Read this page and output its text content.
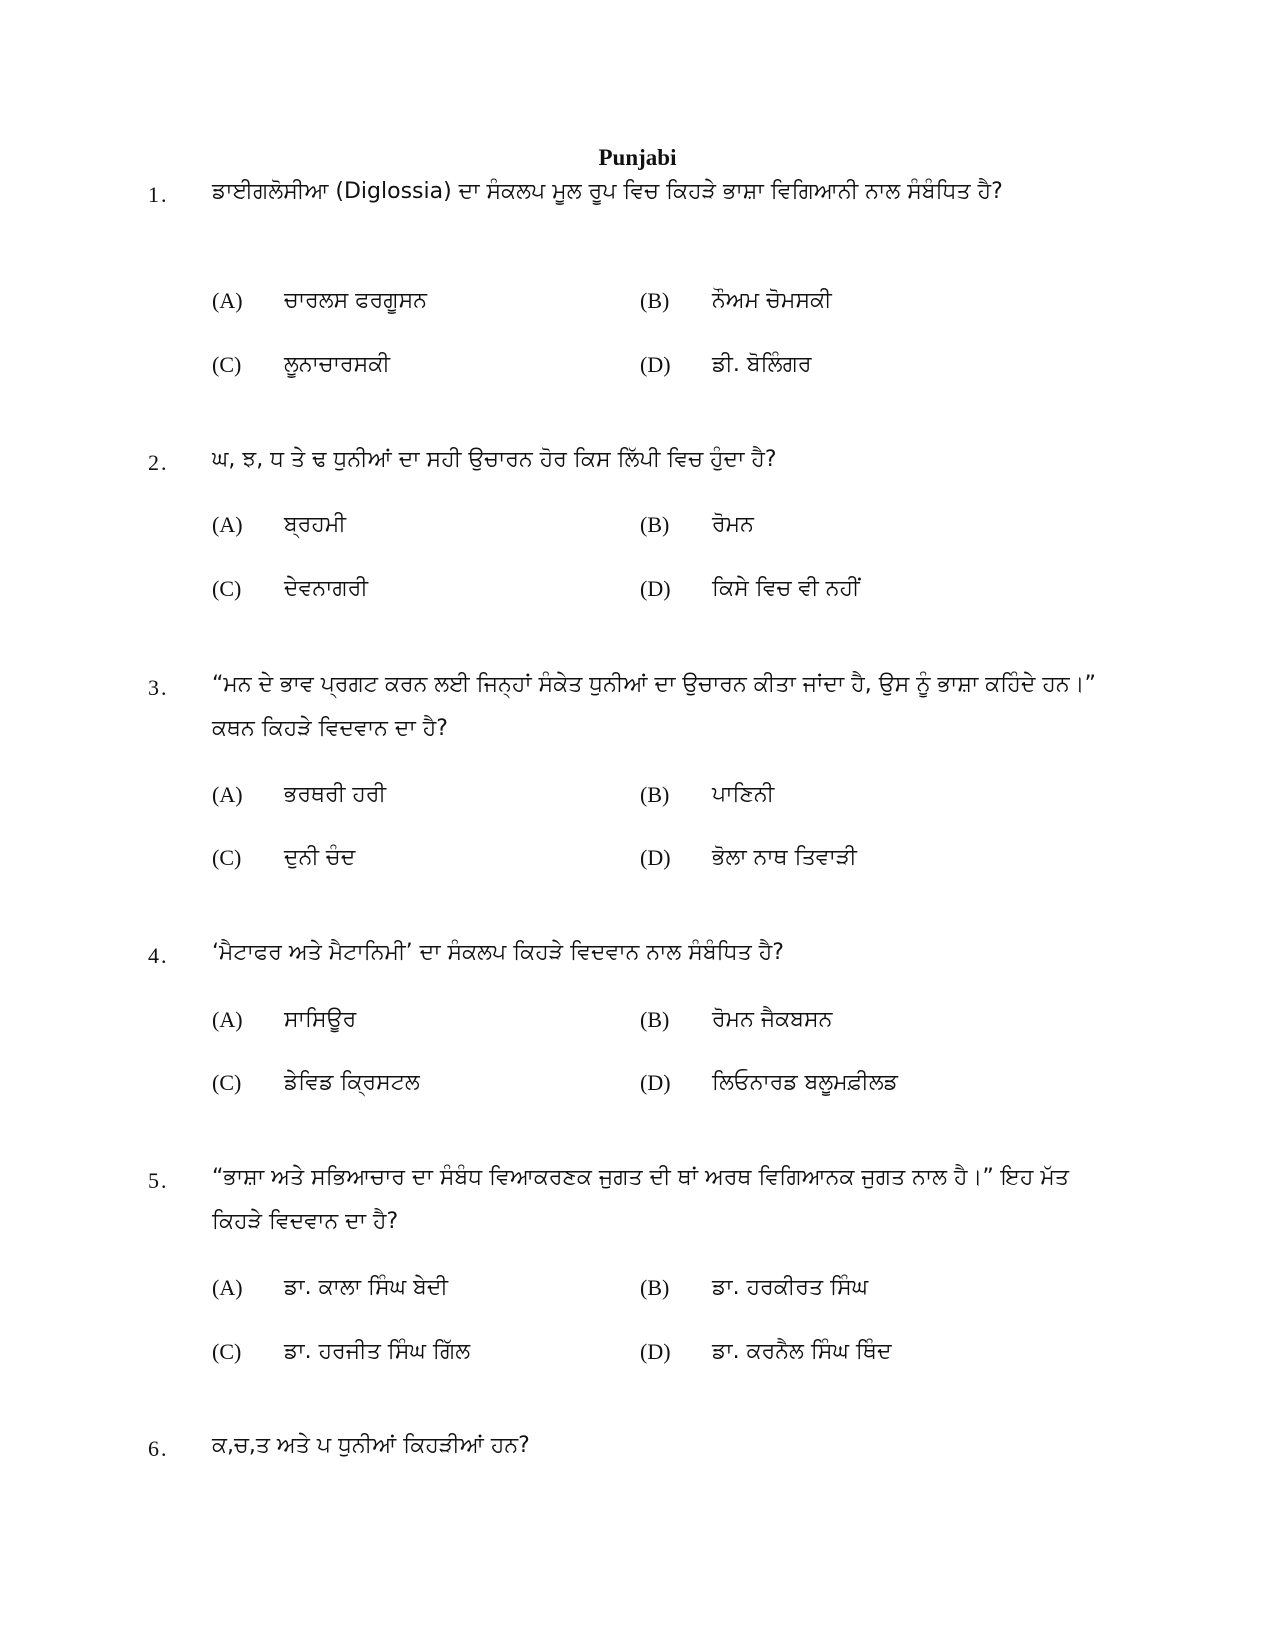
Punjabi
1. ਡਾਈਗਲੋਸੀਆ (Diglossia) ਦਾ ਸੰਕਲਪ ਮੂਲ ਰੂਪ ਵਿਚ ਕਿਹੜੇ ਭਾਸ਼ਾ ਵਿਗਿਆਨੀ ਨਾਲ ਸੰਬੰਧਿਤ ਹੈ?
(A) ਚਾਰਲਸ ਫਰਗੂਸਨ	(B) ਨੌਅਮ ਚੋਮਸਕੀ
(C) ਲੂਨਾਚਾਰਸਕੀ	(D) ਡੀ. ਬੋਲਿੰਗਰ
2. ਘ, ਝ, ਧ ਤੇ ਢ ਧੁਨੀਆਂ ਦਾ ਸਹੀ ਉਚਾਰਨ ਹੋਰ ਕਿਸ ਲਿੱਪੀ ਵਿਚ ਹੁੰਦਾ ਹੈ?
(A) ਬ੍ਰਹਮੀ	(B) ਰੋਮਨ
(C) ਦੇਵਨਾਗਰੀ	(D) ਕਿਸੇ ਵਿਚ ਵੀ ਨਹੀਂ
3. “ਮਨ ਦੇ ਭਾਵ ਪ੍ਰਗਟ ਕਰਨ ਲਈ ਜਿਨ੍ਹਾਂ ਸੰਕੇਤ ਧੁਨੀਆਂ ਦਾ ਉਚਾਰਨ ਕੀਤਾ ਜਾਂਦਾ ਹੈ, ਉਸ ਨੂੰ ਭਾਸ਼ਾ ਕਹਿੰਦੇ ਹਨ।” ਕਥਨ ਕਿਹੜੇ ਵਿਦਵਾਨ ਦਾ ਹੈ?
(A) ਭਰਥਰੀ ਹਰੀ	(B) ਪਾਣਿਨੀ
(C) ਦੁਨੀ ਚੰਦ	(D) ਭੋਲਾ ਨਾਥ ਤਿਵਾੜੀ
4. ‘ਮੈਟਾਫਰ ਅਤੇ ਮੈਟਾਨਿਮੀ’ ਦਾ ਸੰਕਲਪ ਕਿਹੜੇ ਵਿਦਵਾਨ ਨਾਲ ਸੰਬੰਧਿਤ ਹੈ?
(A) ਸਾਸਿਊਰ	(B) ਰੋਮਨ ਜੈਕਬਸਨ
(C) ਡੇਵਿਡ ਕ੍ਰਿਸਟਲ	(D) ਲਿਓਨਾਰਡ ਬਲੂਮਫ਼ੀਲਡ
5. “ਭਾਸ਼ਾ ਅਤੇ ਸਭਿਆਚਾਰ ਦਾ ਸੰਬੰਧ ਵਿਆਕਰਣਕ ਜੁਗਤ ਦੀ ਥਾਂ ਅਰਥ ਵਿਗਿਆਨਕ ਜੁਗਤ ਨਾਲ ਹੈ।” ਇਹ ਮੱਤ ਕਿਹੜੇ ਵਿਦਵਾਨ ਦਾ ਹੈ?
(A) ਡਾ. ਕਾਲਾ ਸਿੰਘ ਬੇਦੀ	(B) ਡਾ. ਹਰਕੀਰਤ ਸਿੰਘ
(C) ਡਾ. ਹਰਜੀਤ ਸਿੰਘ ਗਿੱਲ	(D) ਡਾ. ਕਰਨੈਲ ਸਿੰਘ ਥਿੰਦ
6. ਕ,ਚ,ਤ ਅਤੇ ਪ ਧੁਨੀਆਂ ਕਿਹੜੀਆਂ ਹਨ?
